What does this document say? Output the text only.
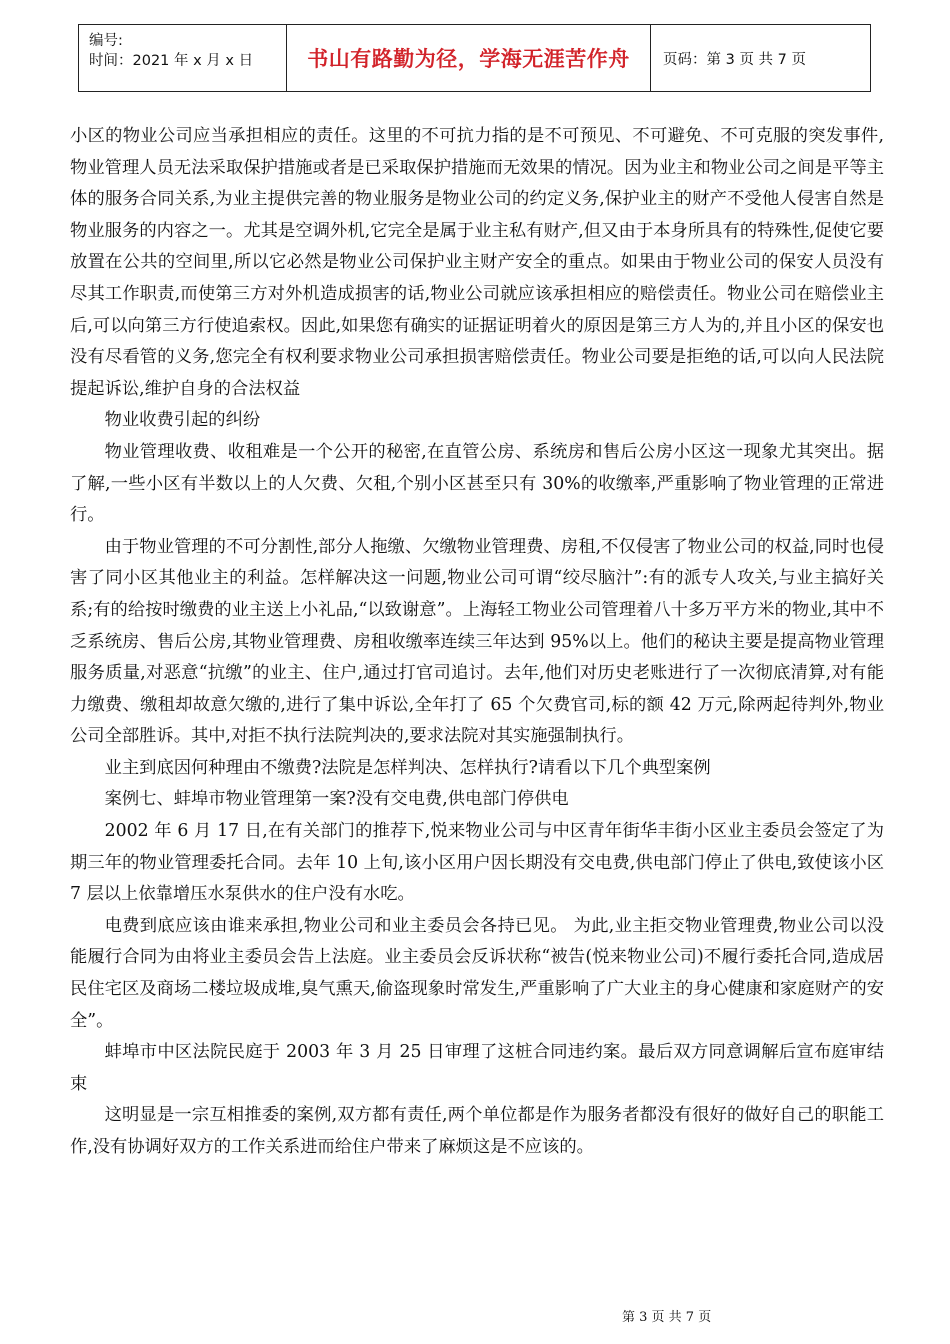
编号:
时间：2021 年 x 月 x 日	书山有路勤为径，学海无涯苦作舟	页码：第 3 页 共 7 页

小区的物业公司应当承担相应的责任。这里的不可抗力指的是不可预见、不可避免、不可克服的突发事件,物业管理人员无法采取保护措施或者是已采取保护措施而无效果的情况。因为业主和物业公司之间是平等主体的服务合同关系,为业主提供完善的物业服务是物业公司的约定义务,保护业主的财产不受他人侵害自然是物业服务的内容之一。尤其是空调外机,它完全是属于业主私有财产,但又由于本身所具有的特殊性,促使它要放置在公共的空间里,所以它必然是物业公司保护业主财产安全的重点。如果由于物业公司的保安人员没有尽其工作职责,而使第三方对外机造成损害的话,物业公司就应该承担相应的赔偿责任。物业公司在赔偿业主后,可以向第三方行使追索权。因此,如果您有确实的证据证明着火的原因是第三方人为的,并且小区的保安也没有尽看管的义务,您完全有权利要求物业公司承担损害赔偿责任。物业公司要是拒绝的话,可以向人民法院提起诉讼,维护自身的合法权益

物业收费引起的纠纷

物业管理收费、收租难是一个公开的秘密,在直管公房、系统房和售后公房小区这一现象尤其突出。据了解,一些小区有半数以上的人欠费、欠租,个别小区甚至只有 30%的收缴率,严重影响了物业管理的正常进行。

由于物业管理的不可分割性,部分人拖缴、欠缴物业管理费、房租,不仅侵害了物业公司的权益,同时也侵害了同小区其他业主的利益。怎样解决这一问题,物业公司可谓“绞尽脑汁”:有的派专人攻关,与业主搞好关系;有的给按时缴费的业主送上小礼品,“以致谢意”。上海轻工物业公司管理着八十多万平方米的物业,其中不乏系统房、售后公房,其物业管理费、房租收缴率连续三年达到 95%以上。他们的秘诀主要是提高物业管理服务质量,对恶意“抗缴”的业主、住户,通过打官司追讨。去年,他们对历史老账进行了一次彻底清算,对有能力缴费、缴租却故意欠缴的,进行了集中诉讼,全年打了 65 个欠费官司,标的额 42 万元,除两起待判外,物业公司全部胜诉。其中,对拒不执行法院判决的,要求法院对其实施强制执行。

业主到底因何种理由不缴费?法院是怎样判决、怎样执行?请看以下几个典型案例

案例七、蚌埠市物业管理第一案?没有交电费,供电部门停供电

2002 年 6 月 17 日,在有关部门的推荐下,悦来物业公司与中区青年街华丰街小区业主委员会签定了为期三年的物业管理委托合同。去年 10 上旬,该小区用户因长期没有交电费,供电部门停止了供电,致使该小区 7 层以上依靠增压水泵供水的住户没有水吃。

电费到底应该由谁来承担,物业公司和业主委员会各持已见。 为此,业主拒交物业管理费,物业公司以没能履行合同为由将业主委员会告上法庭。业主委员会反诉状称“被告(悦来物业公司)不履行委托合同,造成居民住宅区及商场二楼垃圾成堆,臭气熏天,偷盗现象时常发生,严重影响了广大业主的身心健康和家庭财产的安全”。

蚌埠市中区法院民庭于 2003 年 3 月 25 日审理了这桩合同违约案。最后双方同意调解后宣布庭审结束

这明显是一宗互相推委的案例,双方都有责任,两个单位都是作为服务者都没有很好的做好自己的职能工作,没有协调好双方的工作关系进而给住户带来了麻烦这是不应该的。

第 3 页 共 7 页
